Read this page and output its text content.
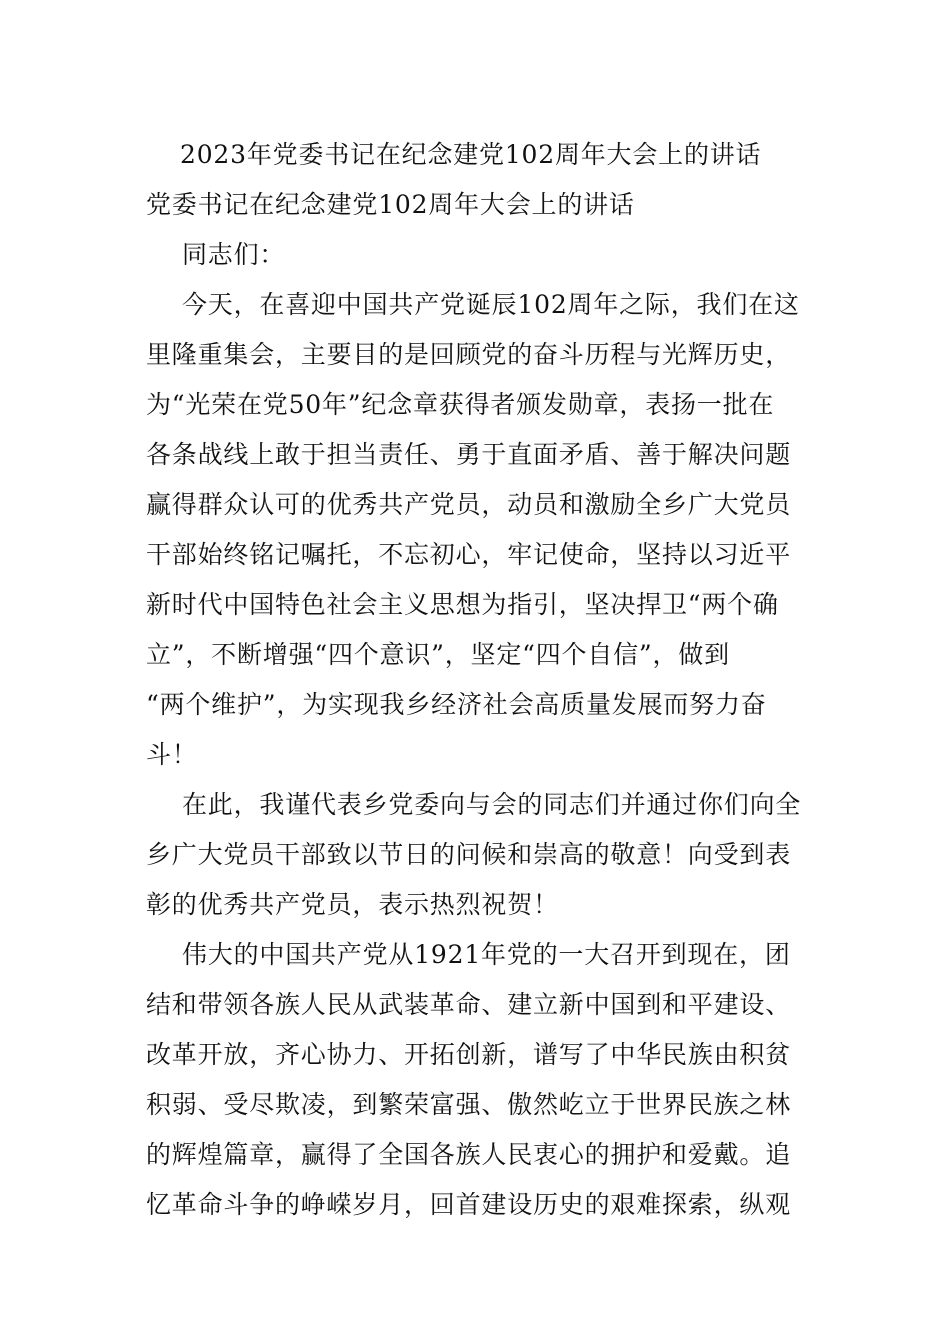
2023年党委书记在纪念建党102周年大会上的讲话
党委书记在纪念建党102周年大会上的讲话
同志们：
今天，在喜迎中国共产党诞辰102周年之际，我们在这
里隆重集会，主要目的是回顾党的奋斗历程与光辉历史，
为“光荣在党50年”纪念章获得者颁发勋章，表扬一批在
各条战线上敢于担当责任、勇于直面矛盾、善于解决问题
赢得群众认可的优秀共产党员，动员和激励全乡广大党员
干部始终铭记嘱托，不忘初心，牢记使命，坚持以习近平
新时代中国特色社会主义思想为指引，坚决捍卫“两个确
立”，不断增强“四个意识”，坚定“四个自信”，做到
“两个维护”，为实现我乡经济社会高质量发展而努力奋
斗！
在此，我谨代表乡党委向与会的同志们并通过你们向全
乡广大党员干部致以节日的问候和崇高的敬意！向受到表
彰的优秀共产党员，表示热烈祝贺！
伟大的中国共产党从1921年党的一大召开到现在，团
结和带领各族人民从武装革命、建立新中国到和平建设、
改革开放，齐心协力、开拓创新，谱写了中华民族由积贫
积弱、受尽欺凌，到繁荣富强、傲然屹立于世界民族之林
的辉煌篇章，赢得了全国各族人民衷心的拥护和爱戴。追
忆革命斗争的峥嵘岁月，回首建设历史的艰难探索，纵观
